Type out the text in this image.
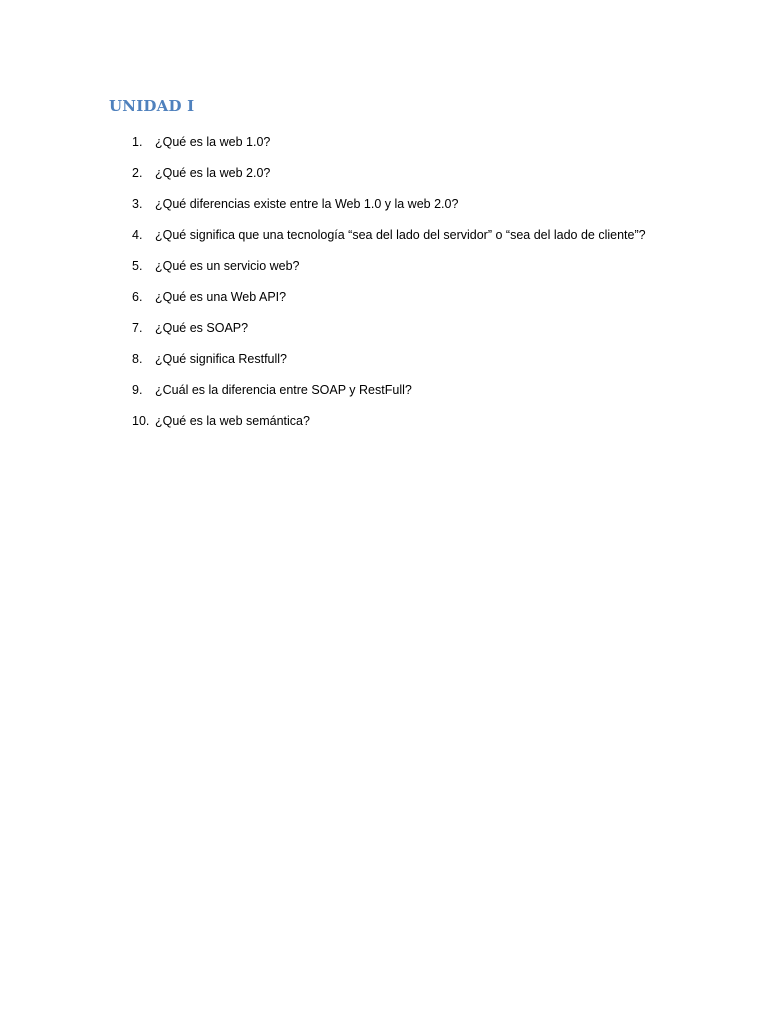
UNIDAD I
1. ¿Qué es la web 1.0?
2. ¿Qué es la web 2.0?
3. ¿Qué diferencias existe entre la Web 1.0 y la web 2.0?
4. ¿Qué significa que una tecnología “sea del lado del servidor” o “sea del lado de cliente”?
5. ¿Qué es un servicio web?
6. ¿Qué es una Web API?
7. ¿Qué es SOAP?
8. ¿Qué significa Restfull?
9. ¿Cuál es la diferencia entre SOAP y RestFull?
10. ¿Qué es la web semántica?
